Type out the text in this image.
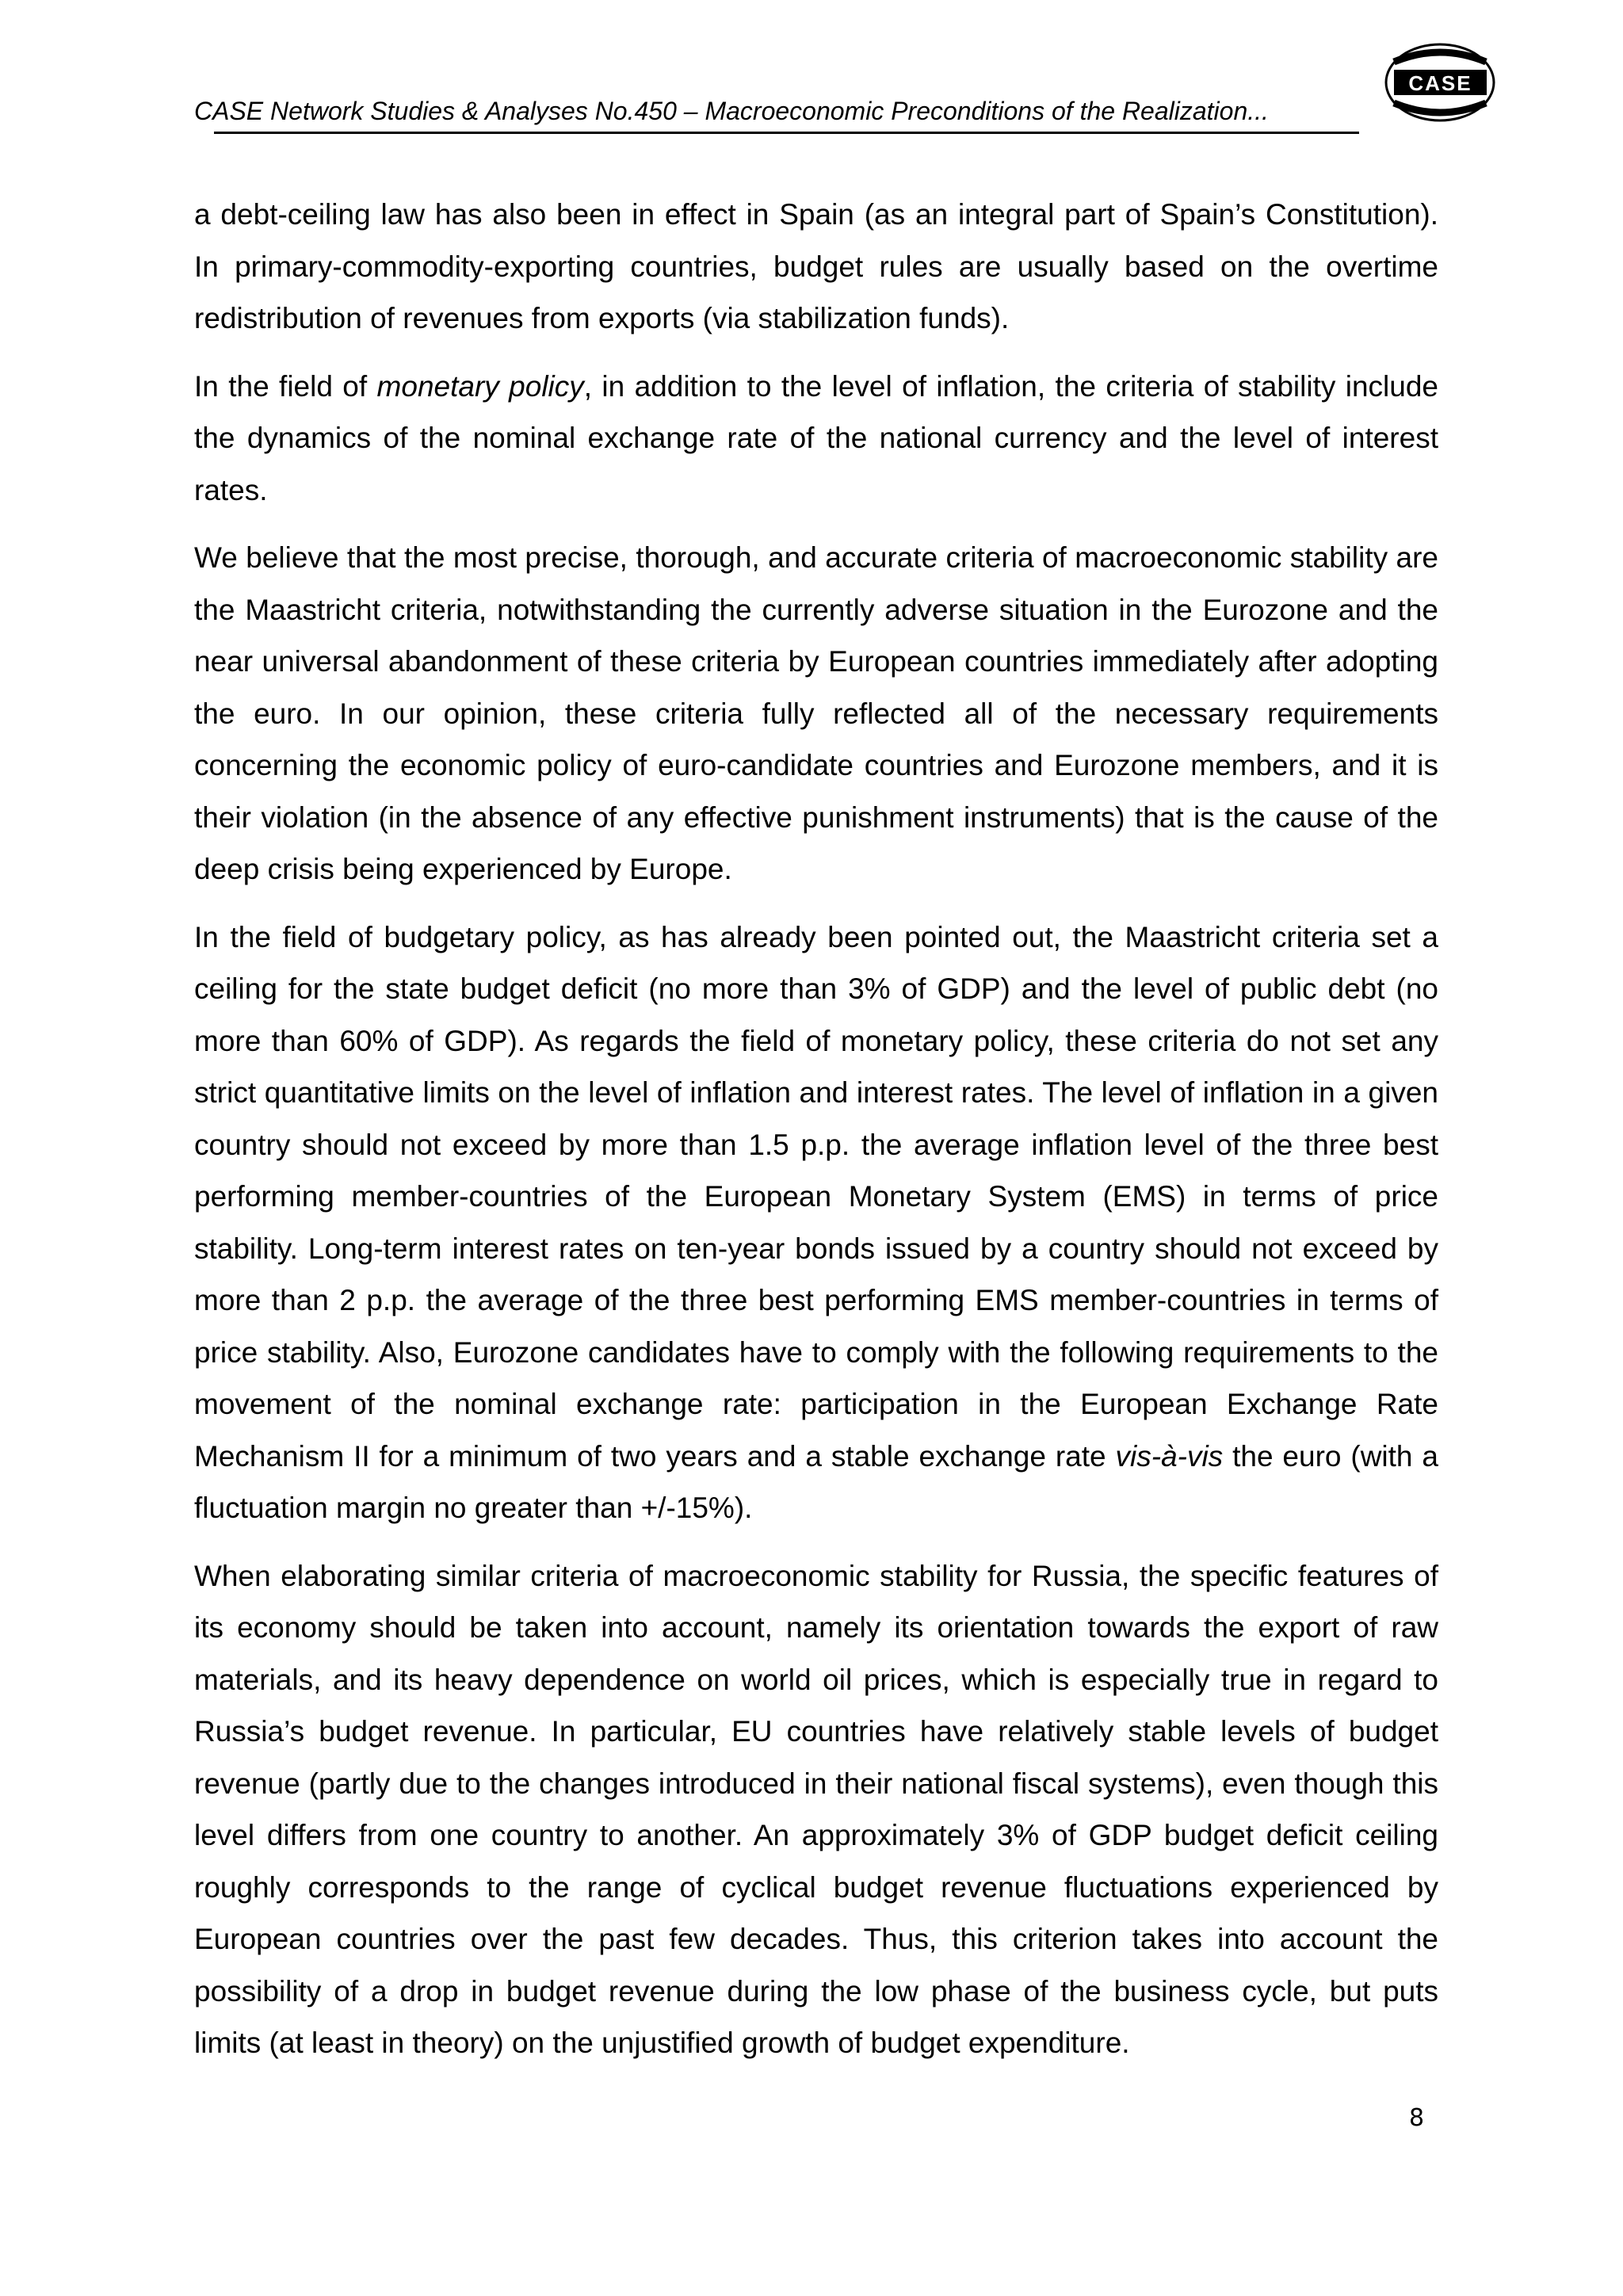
CASE Network Studies & Analyses No.450 – Macroeconomic Preconditions of the Realization...
CASE

a debt-ceiling law has also been in effect in Spain (as an integral part of Spain’s Constitution). In primary-commodity-exporting countries, budget rules are usually based on the overtime redistribution of revenues from exports (via stabilization funds).

In the field of monetary policy, in addition to the level of inflation, the criteria of stability include the dynamics of the nominal exchange rate of the national currency and the level of interest rates.

We believe that the most precise, thorough, and accurate criteria of macroeconomic stability are the Maastricht criteria, notwithstanding the currently adverse situation in the Eurozone and the near universal abandonment of these criteria by European countries immediately after adopting the euro. In our opinion, these criteria fully reflected all of the necessary requirements concerning the economic policy of euro-candidate countries and Eurozone members, and it is their violation (in the absence of any effective punishment instruments) that is the cause of the deep crisis being experienced by Europe.

In the field of budgetary policy, as has already been pointed out, the Maastricht criteria set a ceiling for the state budget deficit (no more than 3% of GDP) and the level of public debt (no more than 60% of GDP). As regards the field of monetary policy, these criteria do not set any strict quantitative limits on the level of inflation and interest rates. The level of inflation in a given country should not exceed by more than 1.5 p.p. the average inflation level of the three best performing member-countries of the European Monetary System (EMS) in terms of price stability. Long-term interest rates on ten-year bonds issued by a country should not exceed by more than 2 p.p. the average of the three best performing EMS member-countries in terms of price stability. Also, Eurozone candidates have to comply with the following requirements to the movement of the nominal exchange rate: participation in the European Exchange Rate Mechanism II for a minimum of two years and a stable exchange rate vis-à-vis the euro (with a fluctuation margin no greater than +/-15%).

When elaborating similar criteria of macroeconomic stability for Russia, the specific features of its economy should be taken into account, namely its orientation towards the export of raw materials, and its heavy dependence on world oil prices, which is especially true in regard to Russia’s budget revenue. In particular, EU countries have relatively stable levels of budget revenue (partly due to the changes introduced in their national fiscal systems), even though this level differs from one country to another. An approximately 3% of GDP budget deficit ceiling roughly corresponds to the range of cyclical budget revenue fluctuations experienced by European countries over the past few decades. Thus, this criterion takes into account the possibility of a drop in budget revenue during the low phase of the business cycle, but puts limits (at least in theory) on the unjustified growth of budget expenditure.

8
